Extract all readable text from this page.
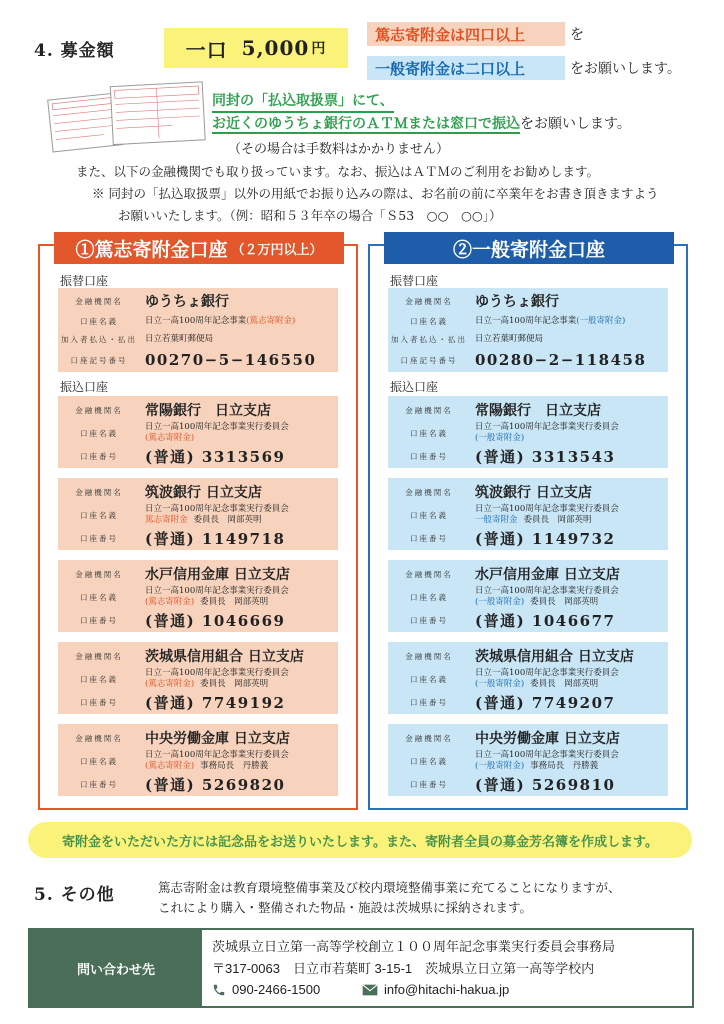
4. 募金額	一口 5,000 円
篤志寄附金は四口以上	を
一般寄附金は二口以上	をお願いします。
同封の「払込取扱票」にて、
お近くのゆうちょ銀行のＡＴＭまたは窓口で振込をお願いします。
（その場合は手数料はかかりません）
また、以下の金融機関でも取り扱っています。なお、振込はＡＴＭのご利用をお勧めします。
※ 同封の「払込取扱票」以外の用紙でお振り込みの際は、お名前の前に卒業年をお書き頂きますよう
お願いいたします。（例：昭和５３年卒の場合「Ｓ53　○○　○○」）
①篤志寄附金口座 （２万円以上）	②一般寄附金口座
振替口座
振込口座
金融機関名	ゆうちょ銀行
口座名義	日立一高100周年記念事業(篤志寄附金)
加入者払込・払出 日立若葉町郵便局
口座記号番号	00270−5−146550
金融機関名	常陽銀行　日立支店
口座名義
日立一高100周年記念事業実行委員会
(篤志寄附金)
口座番号	(普通) 3313569
金融機関名	筑波銀行 日立支店
口座名義
日立一高100周年記念事業実行委員会
篤志寄附金 委員長　岡部英明
口座番号	(普通) 1149718
金融機関名	水戸信用金庫 日立支店
口座名義
日立一高100周年記念事業実行委員会
(篤志寄附金) 委員長　岡部英明
口座番号	(普通) 1046669
金融機関名	茨城県信用組合 日立支店
口座名義
日立一高100周年記念事業実行委員会
(篤志寄附金) 委員長　岡部英明
口座番号	(普通) 7749192
金融機関名	中央労働金庫 日立支店
口座名義
日立一高100周年記念事業実行委員会
(篤志寄附金) 事務局長　丹勝義
口座番号	(普通) 5269820
振替口座
振込口座
金融機関名	ゆうちょ銀行
口座名義	日立一高100周年記念事業(一般寄附金)
加入者払込・払出 日立若葉町郵便局
口座記号番号	00280−2−118458
金融機関名	常陽銀行　日立支店
口座名義
日立一高100周年記念事業実行委員会
(一般寄附金)
口座番号	(普通) 3313543
金融機関名	筑波銀行 日立支店
口座名義
日立一高100周年記念事業実行委員会
一般寄附金 委員長　岡部英明
口座番号	(普通) 1149732
金融機関名	水戸信用金庫 日立支店
口座名義
日立一高100周年記念事業実行委員会
(一般寄附金) 委員長　岡部英明
口座番号	(普通) 1046677
金融機関名	茨城県信用組合 日立支店
口座名義
日立一高100周年記念事業実行委員会
(一般寄附金) 委員長　岡部英明
口座番号	(普通) 7749207
金融機関名	中央労働金庫 日立支店
口座名義
日立一高100周年記念事業実行委員会
(一般寄附金) 事務局長　丹勝義
口座番号	(普通) 5269810
寄附金をいただいた方には記念品をお送りいたします。また、寄附者全員の募金芳名簿を作成します。
5. その他	篤志寄附金は教育環境整備事業及び校内環境整備事業に充てることになりますが、
これにより購入・整備された物品・施設は茨城県に採納されます。
問い合わせ先
茨城県立日立第一高等学校創立１００周年記念事業実行委員会事務局
〒317-0063　日立市若葉町 3-15-1　茨城県立日立第一高等学校内
090-2466-1500	info@hitachi-hakua.jp
